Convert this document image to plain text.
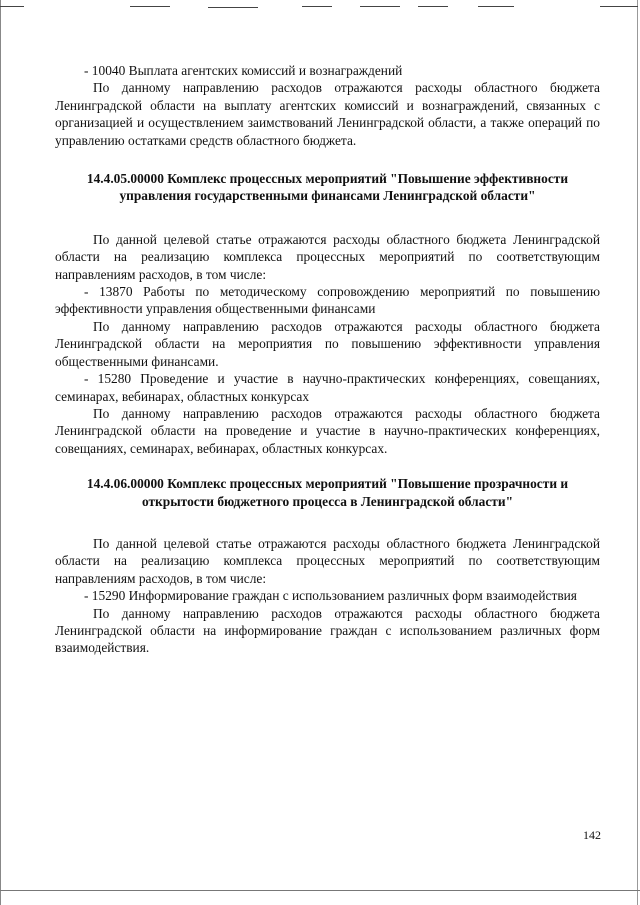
- 10040 Выплата агентских комиссий и вознаграждений

По данному направлению расходов отражаются расходы областного бюджета Ленинградской области на выплату агентских комиссий и вознаграждений, связанных с организацией и осуществлением заимствований Ленинградской области, а также операций по управлению остатками средств областного бюджета.

14.4.05.00000 Комплекс процессных мероприятий "Повышение эффективности управления государственными финансами Ленинградской области"

По данной целевой статье отражаются расходы областного бюджета Ленинградской области на реализацию комплекса процессных мероприятий по соответствующим направлениям расходов, в том числе:

- 13870 Работы по методическому сопровождению мероприятий по повышению эффективности управления общественными финансами

По данному направлению расходов отражаются расходы областного бюджета Ленинградской области на мероприятия по повышению эффективности управления общественными финансами.

- 15280 Проведение и участие в научно-практических конференциях, совещаниях, семинарах, вебинарах, областных конкурсах

По данному направлению расходов отражаются расходы областного бюджета Ленинградской области на проведение и участие в научно-практических конференциях, совещаниях, семинарах, вебинарах, областных конкурсах.

14.4.06.00000 Комплекс процессных мероприятий "Повышение прозрачности и открытости бюджетного процесса в Ленинградской области"

По данной целевой статье отражаются расходы областного бюджета Ленинградской области на реализацию комплекса процессных мероприятий по соответствующим направлениям расходов, в том числе:

- 15290 Информирование граждан с использованием различных форм взаимодействия

По данному направлению расходов отражаются расходы областного бюджета Ленинградской области на информирование граждан с использованием различных форм взаимодействия.

142
